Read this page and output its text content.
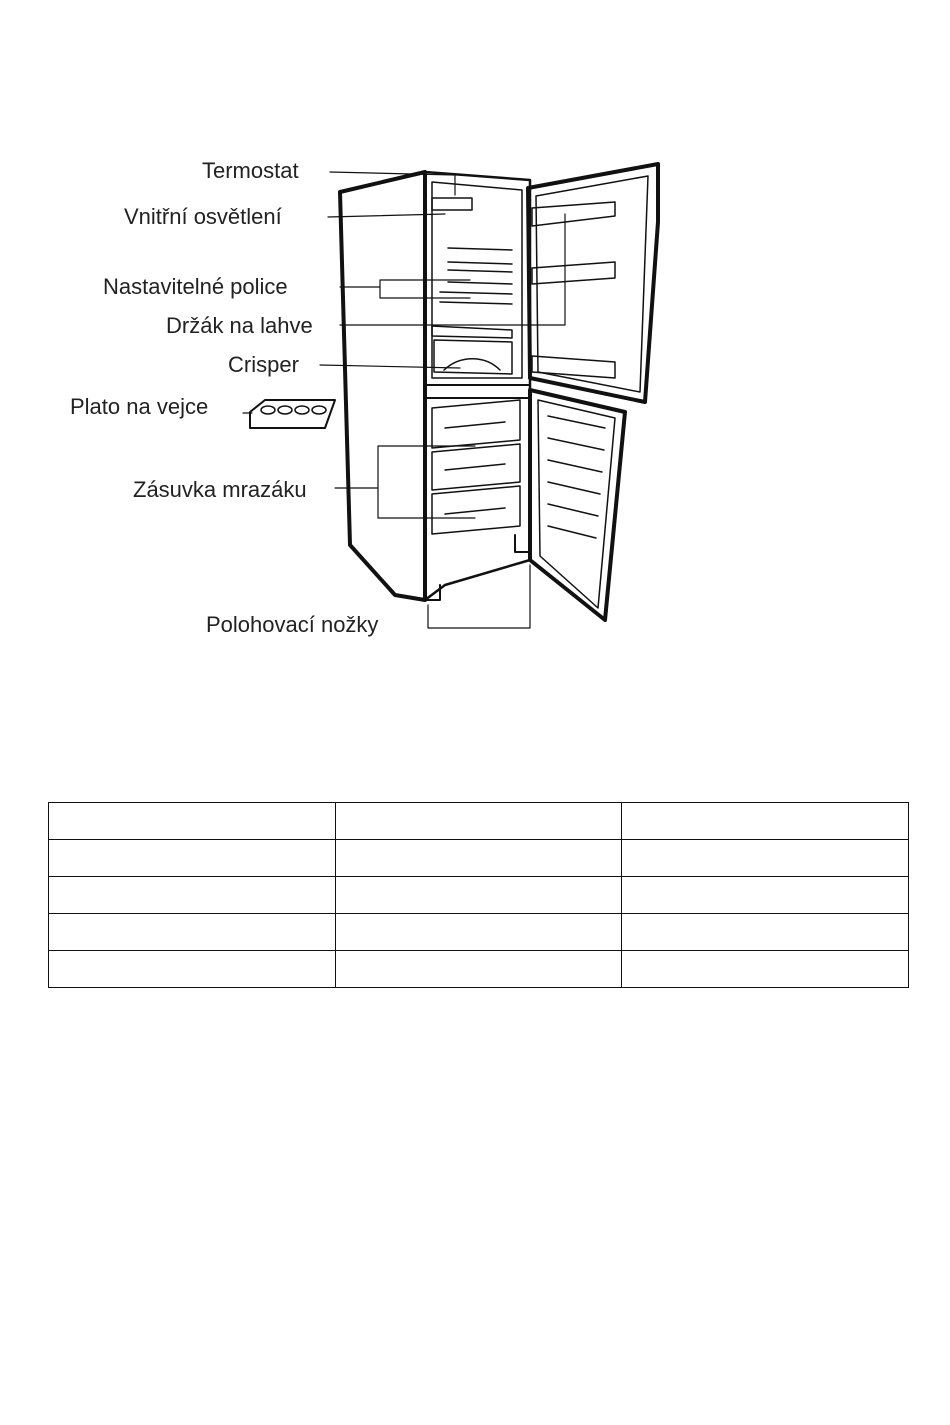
Termostat
Vnitřní osvětlení
Nastavitelné police
Držák na lahve
Crisper
Plato na vejce
Zásuvka mrazáku
Polohovací nožky
